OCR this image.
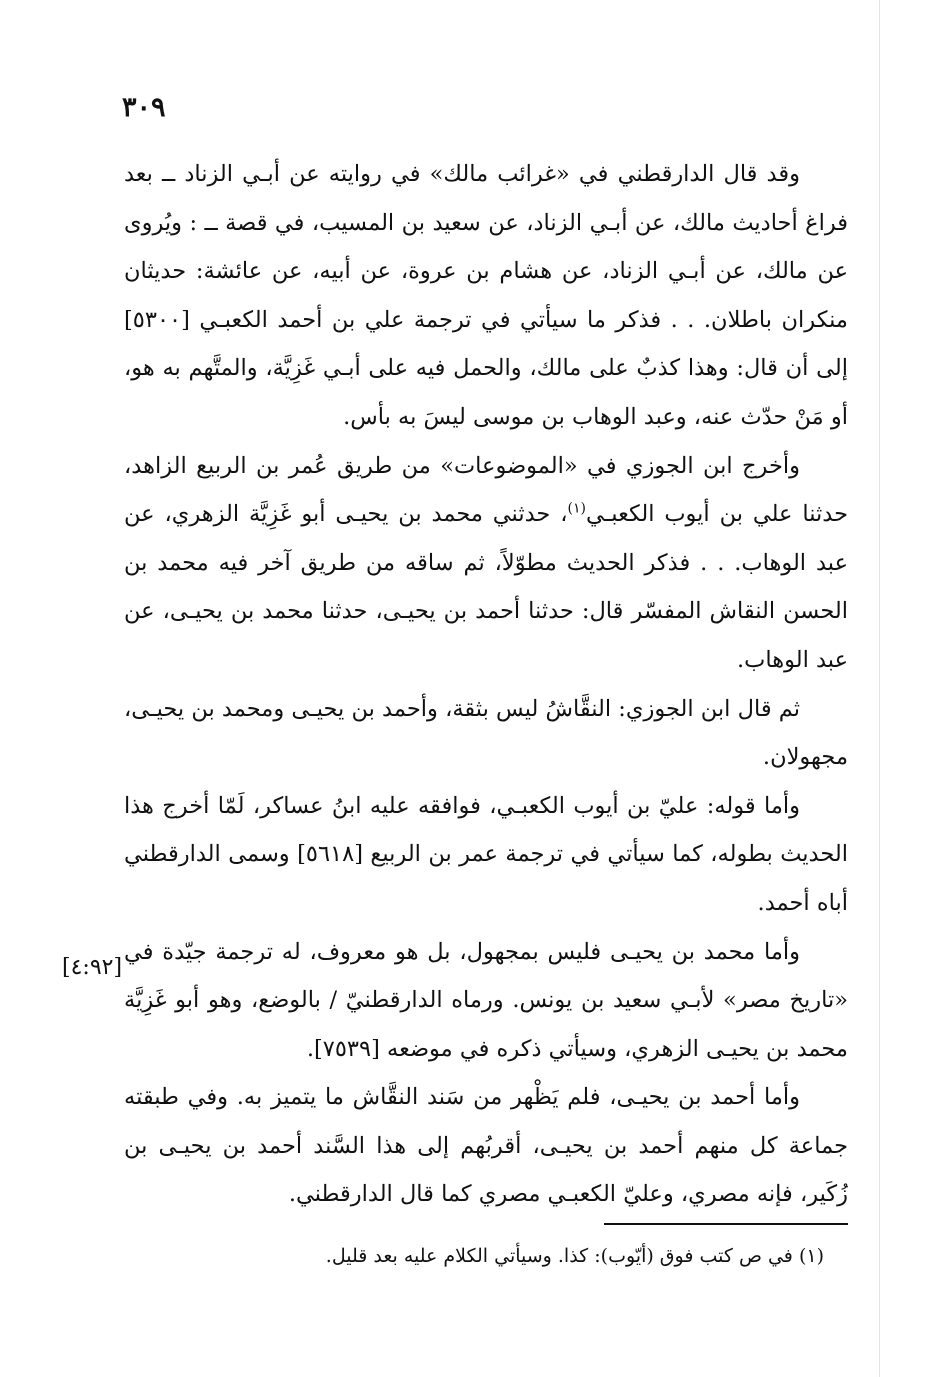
٣٠٩

وقد قال الدارقطني في «غرائب مالك» في روايته عن أبـي الزناد ــ بعد فراغ أحاديث مالك، عن أبـي الزناد، عن سعيد بن المسيب، في قصة ــ : ويُروى عن مالك، عن أبـي الزناد، عن هشام بن عروة، عن أبيه، عن عائشة: حديثان منكران باطلان. . . فذكر ما سيأتي في ترجمة علي بن أحمد الكعبـي [٥٣٠٠] إلى أن قال: وهذا كذبٌ على مالك، والحمل فيه على أبـي غَزِيَّة، والمتَّهم به هو، أو مَنْ حدّث عنه، وعبد الوهاب بن موسى ليسَ به بأس.

وأخرج ابن الجوزي في «الموضوعات» من طريق عُمر بن الربيع الزاهد، حدثنا علي بن أيوب الكعبـي$^{(١)}$، حدثني محمد بن يحيـى أبو غَزِيَّة الزهري، عن عبد الوهاب. . . فذكر الحديث مطوّلاً، ثم ساقه من طريق آخر فيه محمد بن الحسن النقاش المفسّر قال: حدثنا أحمد بن يحيـى، حدثنا محمد بن يحيـى، عن عبد الوهاب.

ثم قال ابن الجوزي: النقَّاشُ ليس بثقة، وأحمد بن يحيـى ومحمد بن يحيـى، مجهولان.

وأما قوله: عليّ بن أيوب الكعبـي، فوافقه عليه ابنُ عساكر، لَمّا أخرج هذا الحديث بطوله، كما سيأتي في ترجمة عمر بن الربيع [٥٦١٨] وسمى الدارقطني أباه أحمد.

وأما محمد بن يحيـى فليس بمجهول، بل هو معروف، له ترجمة جيّدة في «تاريخ مصر» لأبـي سعيد بن يونس. ورماه الدارقطنيّ / بالوضع، وهو أبو غَزِيَّة محمد بن يحيـى الزهري، وسيأتي ذكره في موضعه [٧٥٣٩].

وأما أحمد بن يحيـى، فلم يَظْهر من سَند النقَّاش ما يتميز به. وفي طبقته جماعة كل منهم أحمد بن يحيـى، أقربُهم إلى هذا السَّند أحمد بن يحيـى بن زُكَير، فإنه مصري، وعليّ الكعبـي مصري كما قال الدارقطني.

[٤:٩٢]
(١) في ص كتب فوق (أيّوب): كذا. وسيأتي الكلام عليه بعد قليل.
